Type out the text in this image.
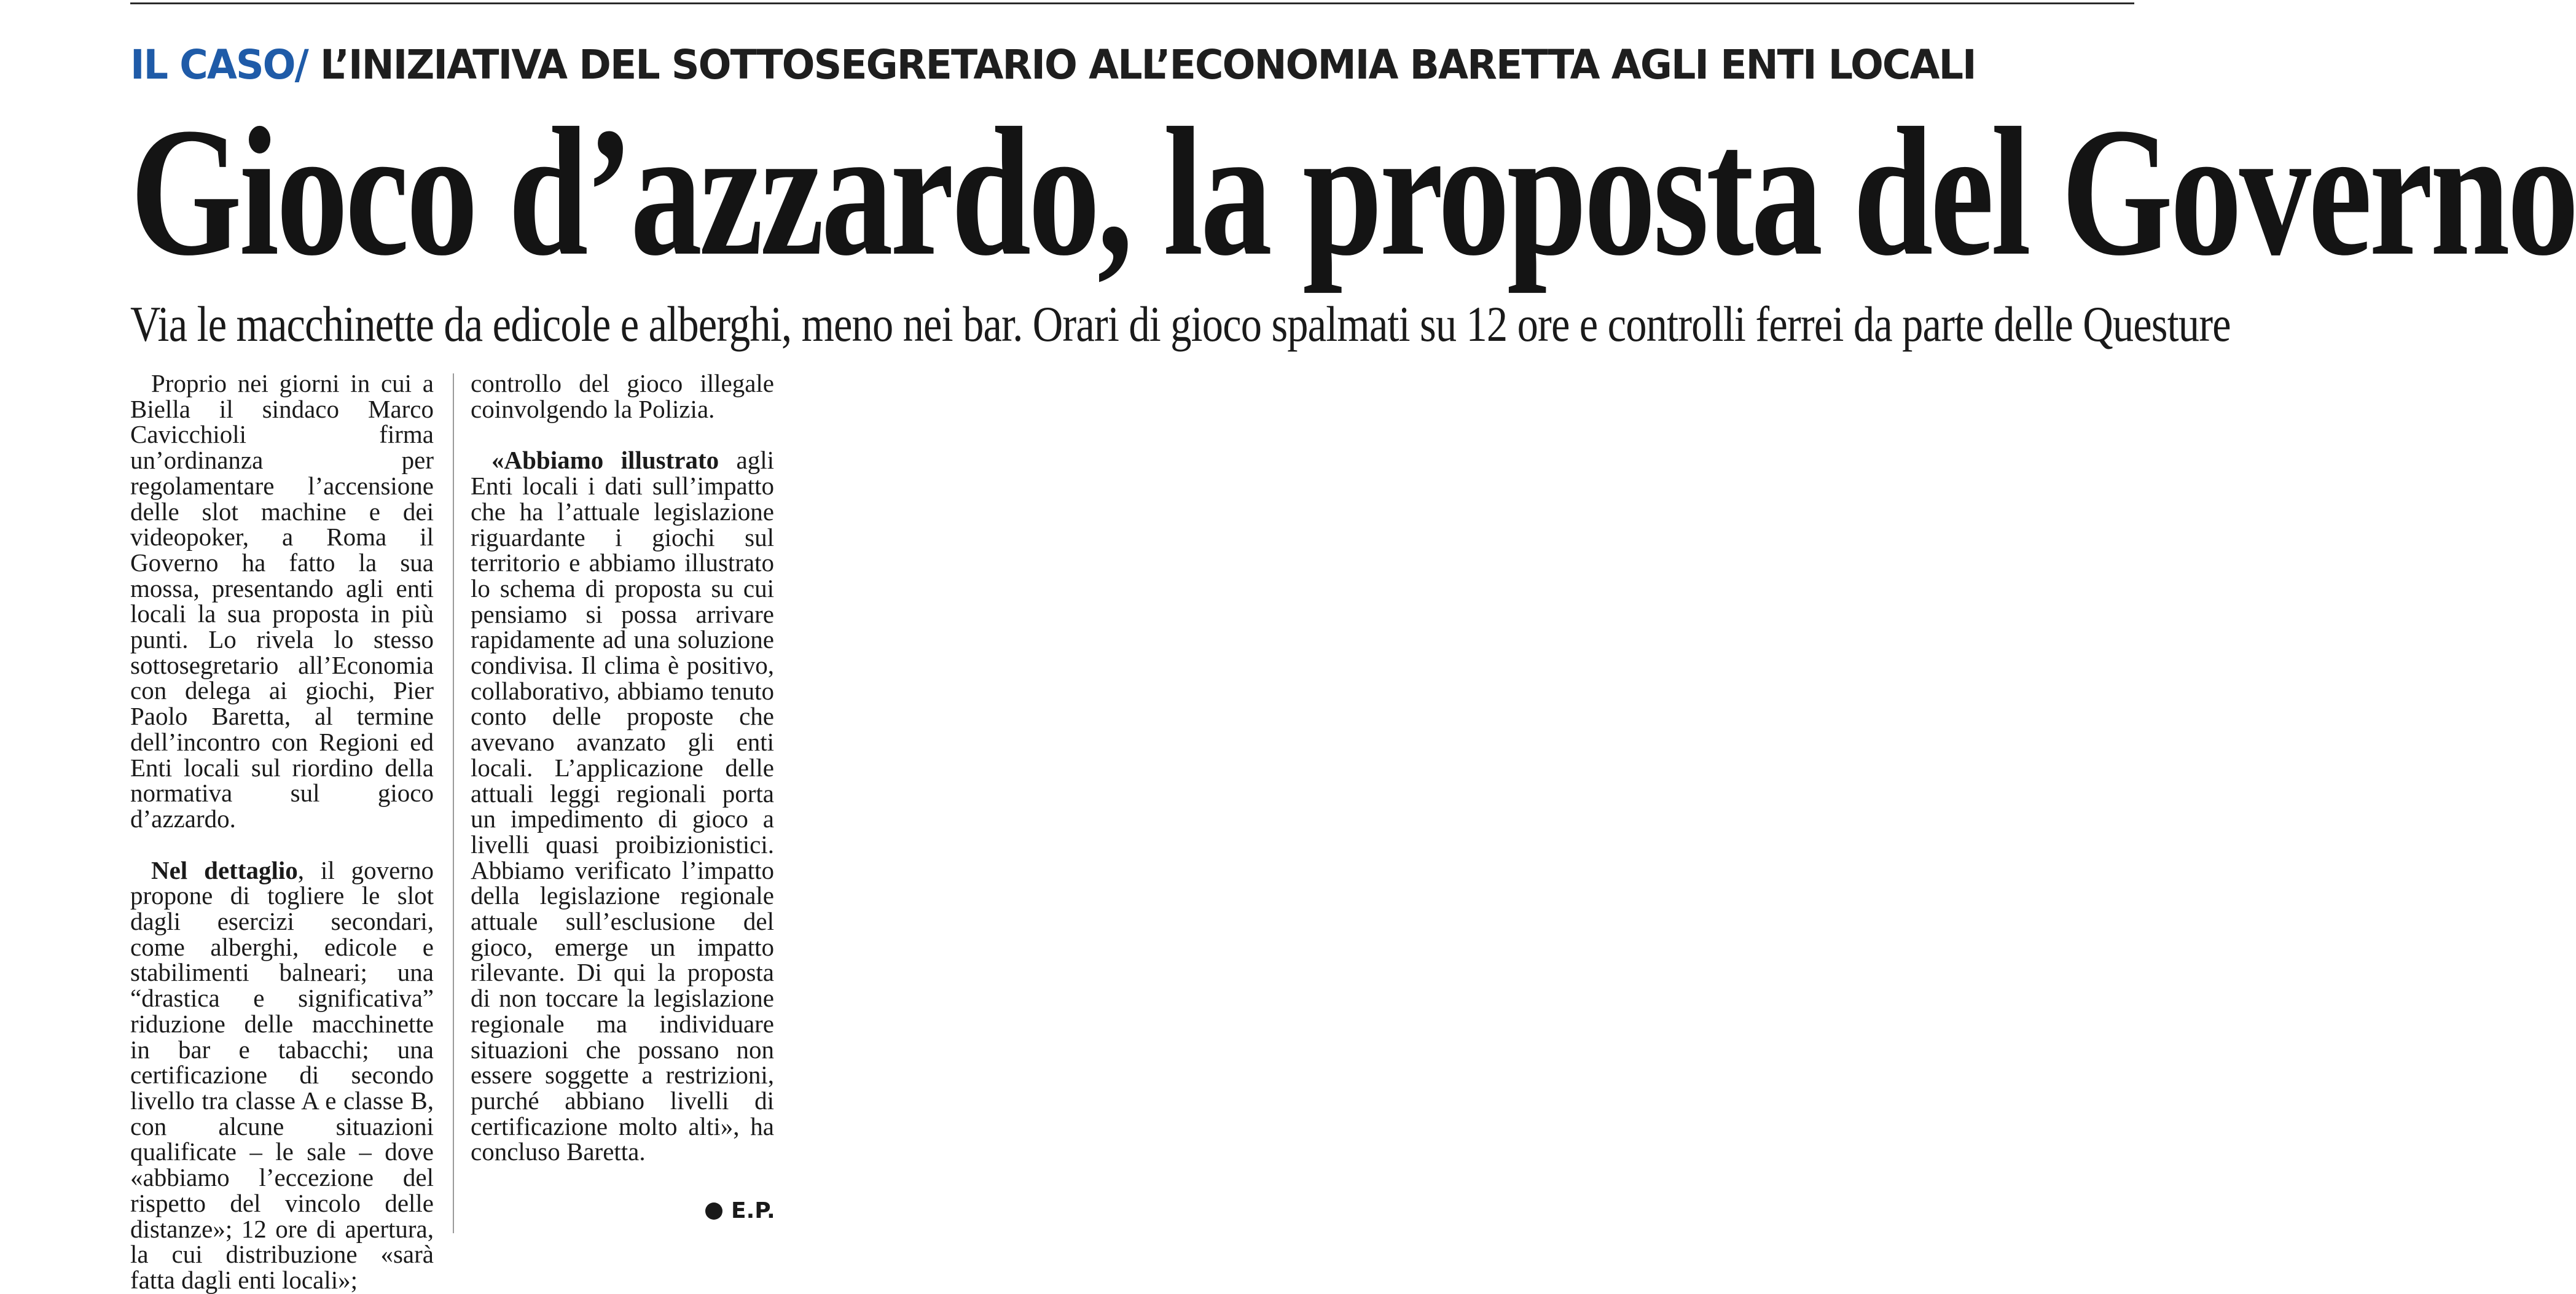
IL CASO/ L’INIZIATIVA DEL SOTTOSEGRETARIO ALL’ECONOMIA BARETTA AGLI ENTI LOCALI
Gioco d’azzardo, la proposta del Governo
Via le macchinette da edicole e alberghi, meno nei bar. Orari di gioco spalmati su 12 ore e controlli ferrei da parte delle Questure

Proprio nei giorni in cui a Biella il sindaco Marco Cavicchioli firma un’ordinanza per regolamentare l’accensione delle slot machine e dei videopoker, a Roma il Governo ha fatto la sua mossa, presentando agli enti locali la sua proposta in più punti. Lo rivela lo stesso sottosegretario all’Economia con delega ai giochi, Pier Paolo Baretta, al termine dell’incontro con Regioni ed Enti locali sul riordino della normativa sul gioco d’azzardo.

Nel dettaglio, il governo propone di togliere le slot dagli esercizi secondari, come alberghi, edicole e stabilimenti balneari; una “drastica e significativa” riduzione delle macchinette in bar e tabacchi; una certificazione di secondo livello tra classe A e classe B, con alcune situazioni qualificate – le sale – dove «abbiamo l’eccezione del rispetto del vincolo delle distanze»; 12 ore di apertura, la cui distribuzione «sarà fatta dagli enti locali»;

controllo del gioco illegale coinvolgendo la Polizia.

«Abbiamo illustrato agli Enti locali i dati sull’impatto che ha l’attuale legislazione riguardante i giochi sul territorio e abbiamo illustrato lo schema di proposta su cui pensiamo si possa arrivare rapidamente ad una soluzione condivisa. Il clima è positivo, collaborativo, abbiamo tenuto conto delle proposte che avevano avanzato gli enti locali. L’applicazione delle attuali leggi regionali porta un impedimento di gioco a livelli quasi proibizionistici. Abbiamo verificato l’impatto della legislazione regionale attuale sull’esclusione del gioco, emerge un impatto rilevante. Di qui la proposta di non toccare la legislazione regionale ma individuare situazioni che possano non essere soggette a restrizioni, purché abbiano livelli di certificazione molto alti», ha concluso Baretta.

E.P.
